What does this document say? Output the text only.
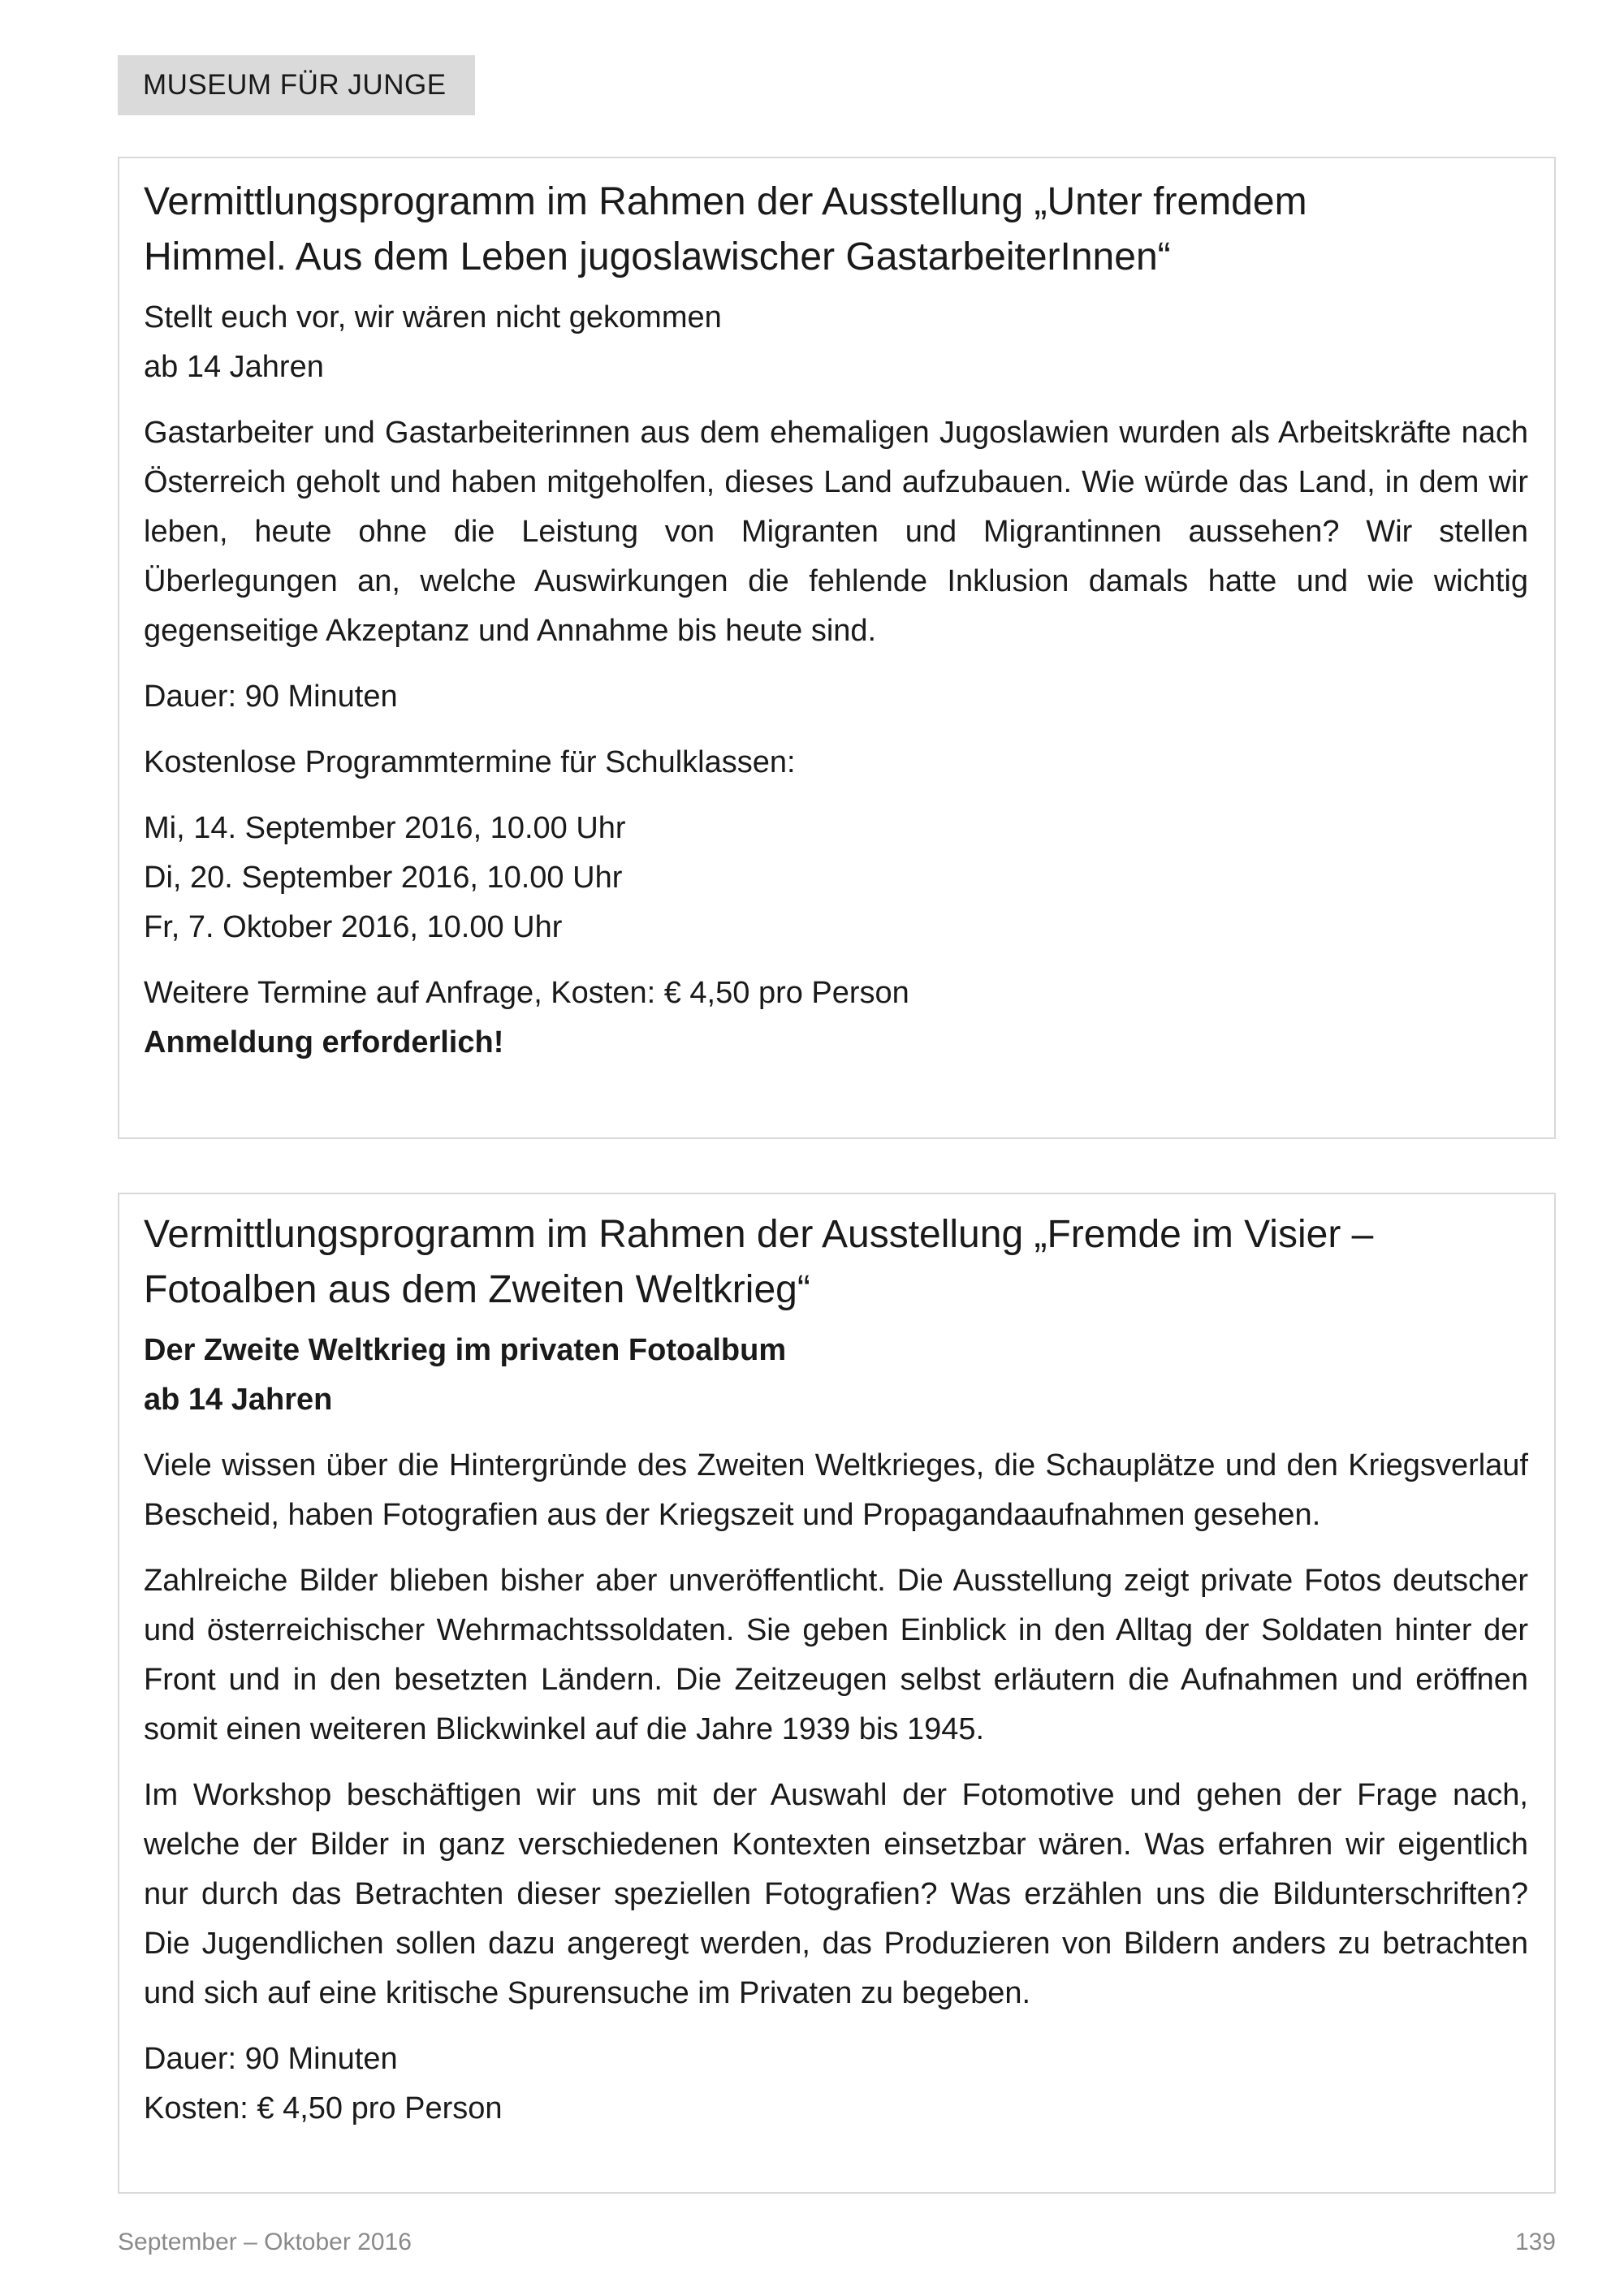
MUSEUM FÜR JUNGE
Vermittlungsprogramm im Rahmen der Ausstellung „Unter fremdem
Himmel. Aus dem Leben jugoslawischer GastarbeiterInnen“
Stellt euch vor, wir wären nicht gekommen
ab 14 Jahren

Gastarbeiter und Gastarbeiterinnen aus dem ehemaligen Jugoslawien wurden als Arbeitskräfte nach Österreich geholt und haben mitgeholfen, dieses Land aufzubauen. Wie würde das Land, in dem wir leben, heute ohne die Leistung von Migranten und Migrantinnen aussehen? Wir stellen Überlegungen an, welche Auswirkungen die fehlende Inklusion damals hatte und wie wichtig gegenseitige Akzeptanz und Annahme bis heute sind.

Dauer: 90 Minuten

Kostenlose Programmtermine für Schulklassen:

Mi, 14. September 2016, 10.00 Uhr
Di, 20. September 2016, 10.00 Uhr
Fr, 7. Oktober 2016, 10.00 Uhr
Weitere Termine auf Anfrage, Kosten: € 4,50 pro Person
Anmeldung erforderlich!
Vermittlungsprogramm im Rahmen der Ausstellung „Fremde im Visier –
Fotoalben aus dem Zweiten Weltkrieg“
Der Zweite Weltkrieg im privaten Fotoalbum
ab 14 Jahren

Viele wissen über die Hintergründe des Zweiten Weltkrieges, die Schauplätze und den Kriegsverlauf Bescheid, haben Fotografien aus der Kriegszeit und Propagandaaufnahmen gesehen.

Zahlreiche Bilder blieben bisher aber unveröffentlicht. Die Ausstellung zeigt private Fotos deutscher und österreichischer Wehrmachtssoldaten. Sie geben Einblick in den Alltag der Soldaten hinter der Front und in den besetzten Ländern. Die Zeitzeugen selbst erläutern die Aufnahmen und eröffnen somit einen weiteren Blickwinkel auf die Jahre 1939 bis 1945.

Im Workshop beschäftigen wir uns mit der Auswahl der Fotomotive und gehen der Frage nach, welche der Bilder in ganz verschiedenen Kontexten einsetzbar wären. Was erfahren wir eigentlich nur durch das Betrachten dieser speziellen Fotografien? Was erzählen uns die Bildunterschriften? Die Jugendlichen sollen dazu angeregt werden, das Produzieren von Bildern anders zu betrachten und sich auf eine kritische Spurensuche im Privaten zu begeben.

Dauer: 90 Minuten
Kosten: € 4,50 pro Person
September – Oktober 2016	139
